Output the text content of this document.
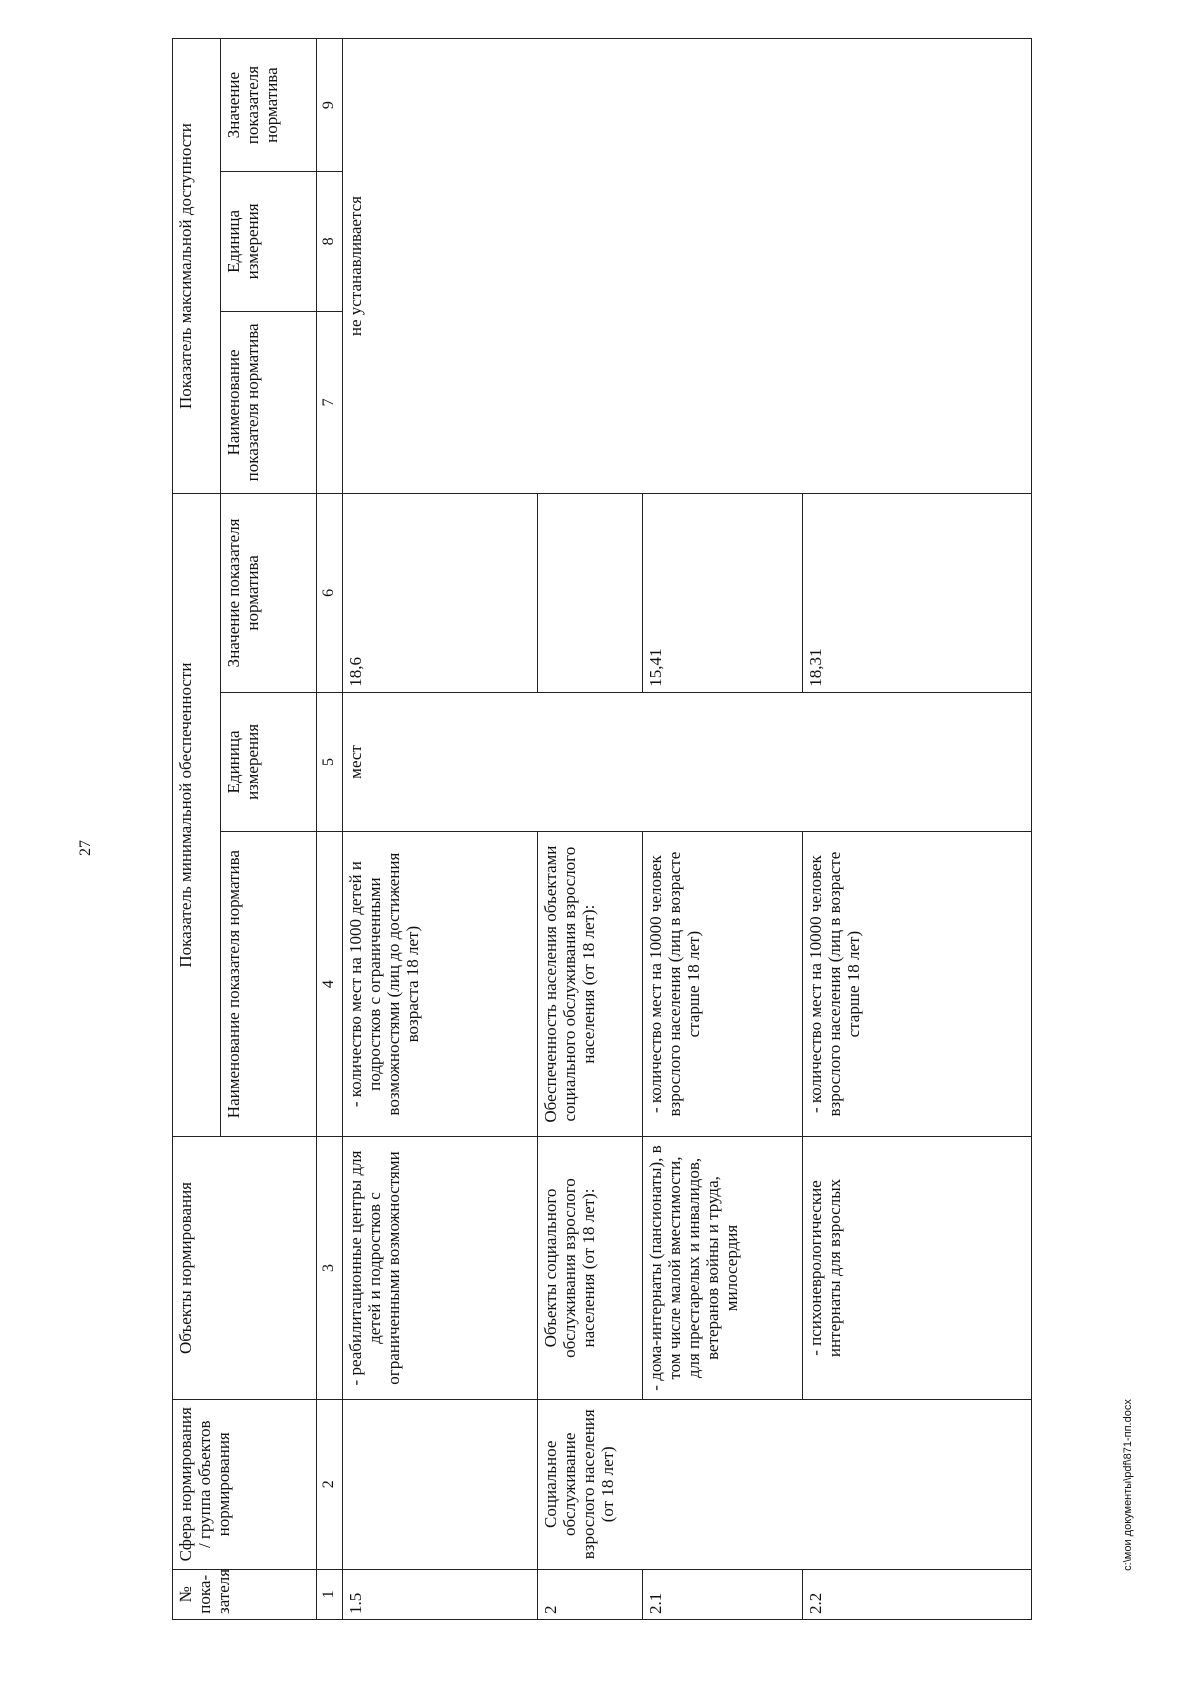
27
№ пока-зателя	Сфера нормирования / группа объектов нормирования	Объекты нормирования	Показатель минимальной обеспеченности			Показатель максимальной доступности		
			Наименование показателя норматива	Единица измерения	Значение показателя норматива	Наименование показателя норматива	Единица измерения	Значение показателя норматива
1	2	3	4	5	6	7	8	9
1.5		- реабилитационные центры для детей и подростков с ограниченными возможностями	- количество мест на 1000 детей и подростков с ограниченными возможностями (лиц до достижения возраста 18 лет)	мест	18,6	не устанавливается		
2	Социальное обслуживание взрослого населения (от 18 лет)	Объекты социального обслуживания взрослого населения (от 18 лет):	Обеспеченность населения объектами социального обслуживания взрослого населения (от 18 лет):					
2.1		- дома-интернаты (пансионаты), в том числе малой вместимости, для престарелых и инвалидов, ветеранов войны и труда, милосердия	- количество мест на 10000 человек взрослого населения (лиц в возрасте старше 18 лет)		15,41			
2.2		- психоневрологические интернаты для взрослых	- количество мест на 10000 человек взрослого населения (лиц в возрасте старше 18 лет)		18,31			
c:\мои документы\pdf\871-пп.docx
